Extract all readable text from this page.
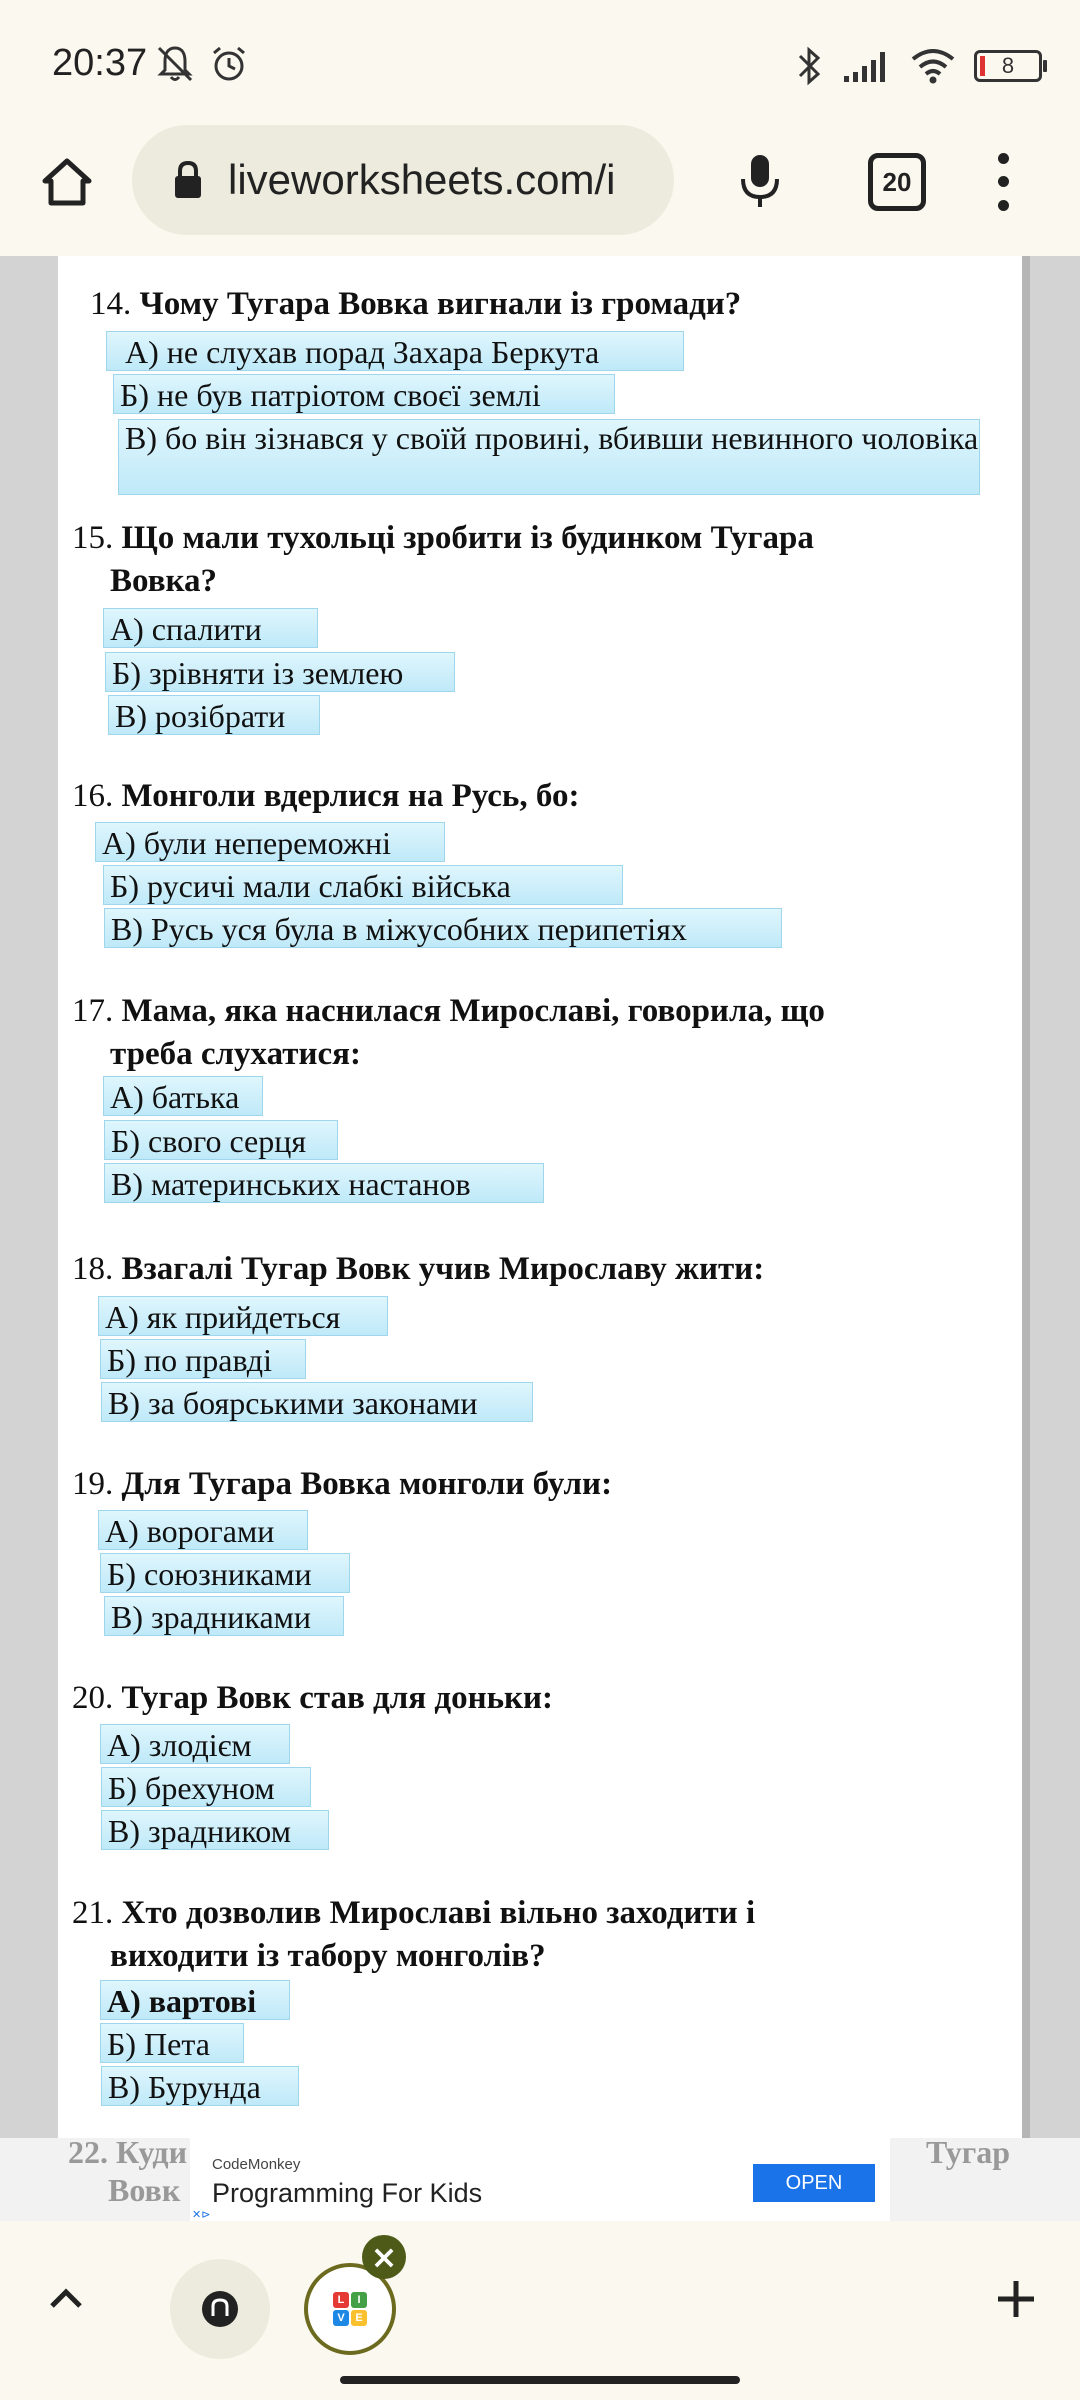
20:37	8
liveworksheets.com/i	20
14. Чому Тугара Вовка вигнали із громади?
А) не слухав порад Захара Беркута
Б) не був патріотом своєї землі
В) бо він зізнався у своїй провині, вбивши невинного чоловіка
15. Що мали тухольці зробити із будинком Тугара
Вовка?
А) спалити
Б) зрівняти із землею
В) розібрати
16. Монголи вдерлися на Русь, бо:
А) були непереможні
Б) русичі мали слабкі війська
В) Русь уся була в міжусобних перипетіях
17. Мама, яка наснилася Мирославі, говорила, що
треба слухатися:
А) батька
Б) свого серця
В) материнських настанов
18. Взагалі Тугар Вовк учив Мирославу жити:
А) як прийдеться
Б) по правді
В) за боярськими законами
19. Для Тугара Вовка монголи були:
А) ворогами
Б) союзниками
В) зрадниками
20. Тугар Вовк став для доньки:
А) злодієм
Б) брехуном
В) зрадником
21. Хто дозволив Мирославі вільно заходити і
виходити із табору монголів?
А) вартові
Б) Пета
В) Бурунда
22. Куди
Вовк
Тугар
CodeMonkey
Programming For Kids	OPEN
✕⊳
L	I
V E
×
